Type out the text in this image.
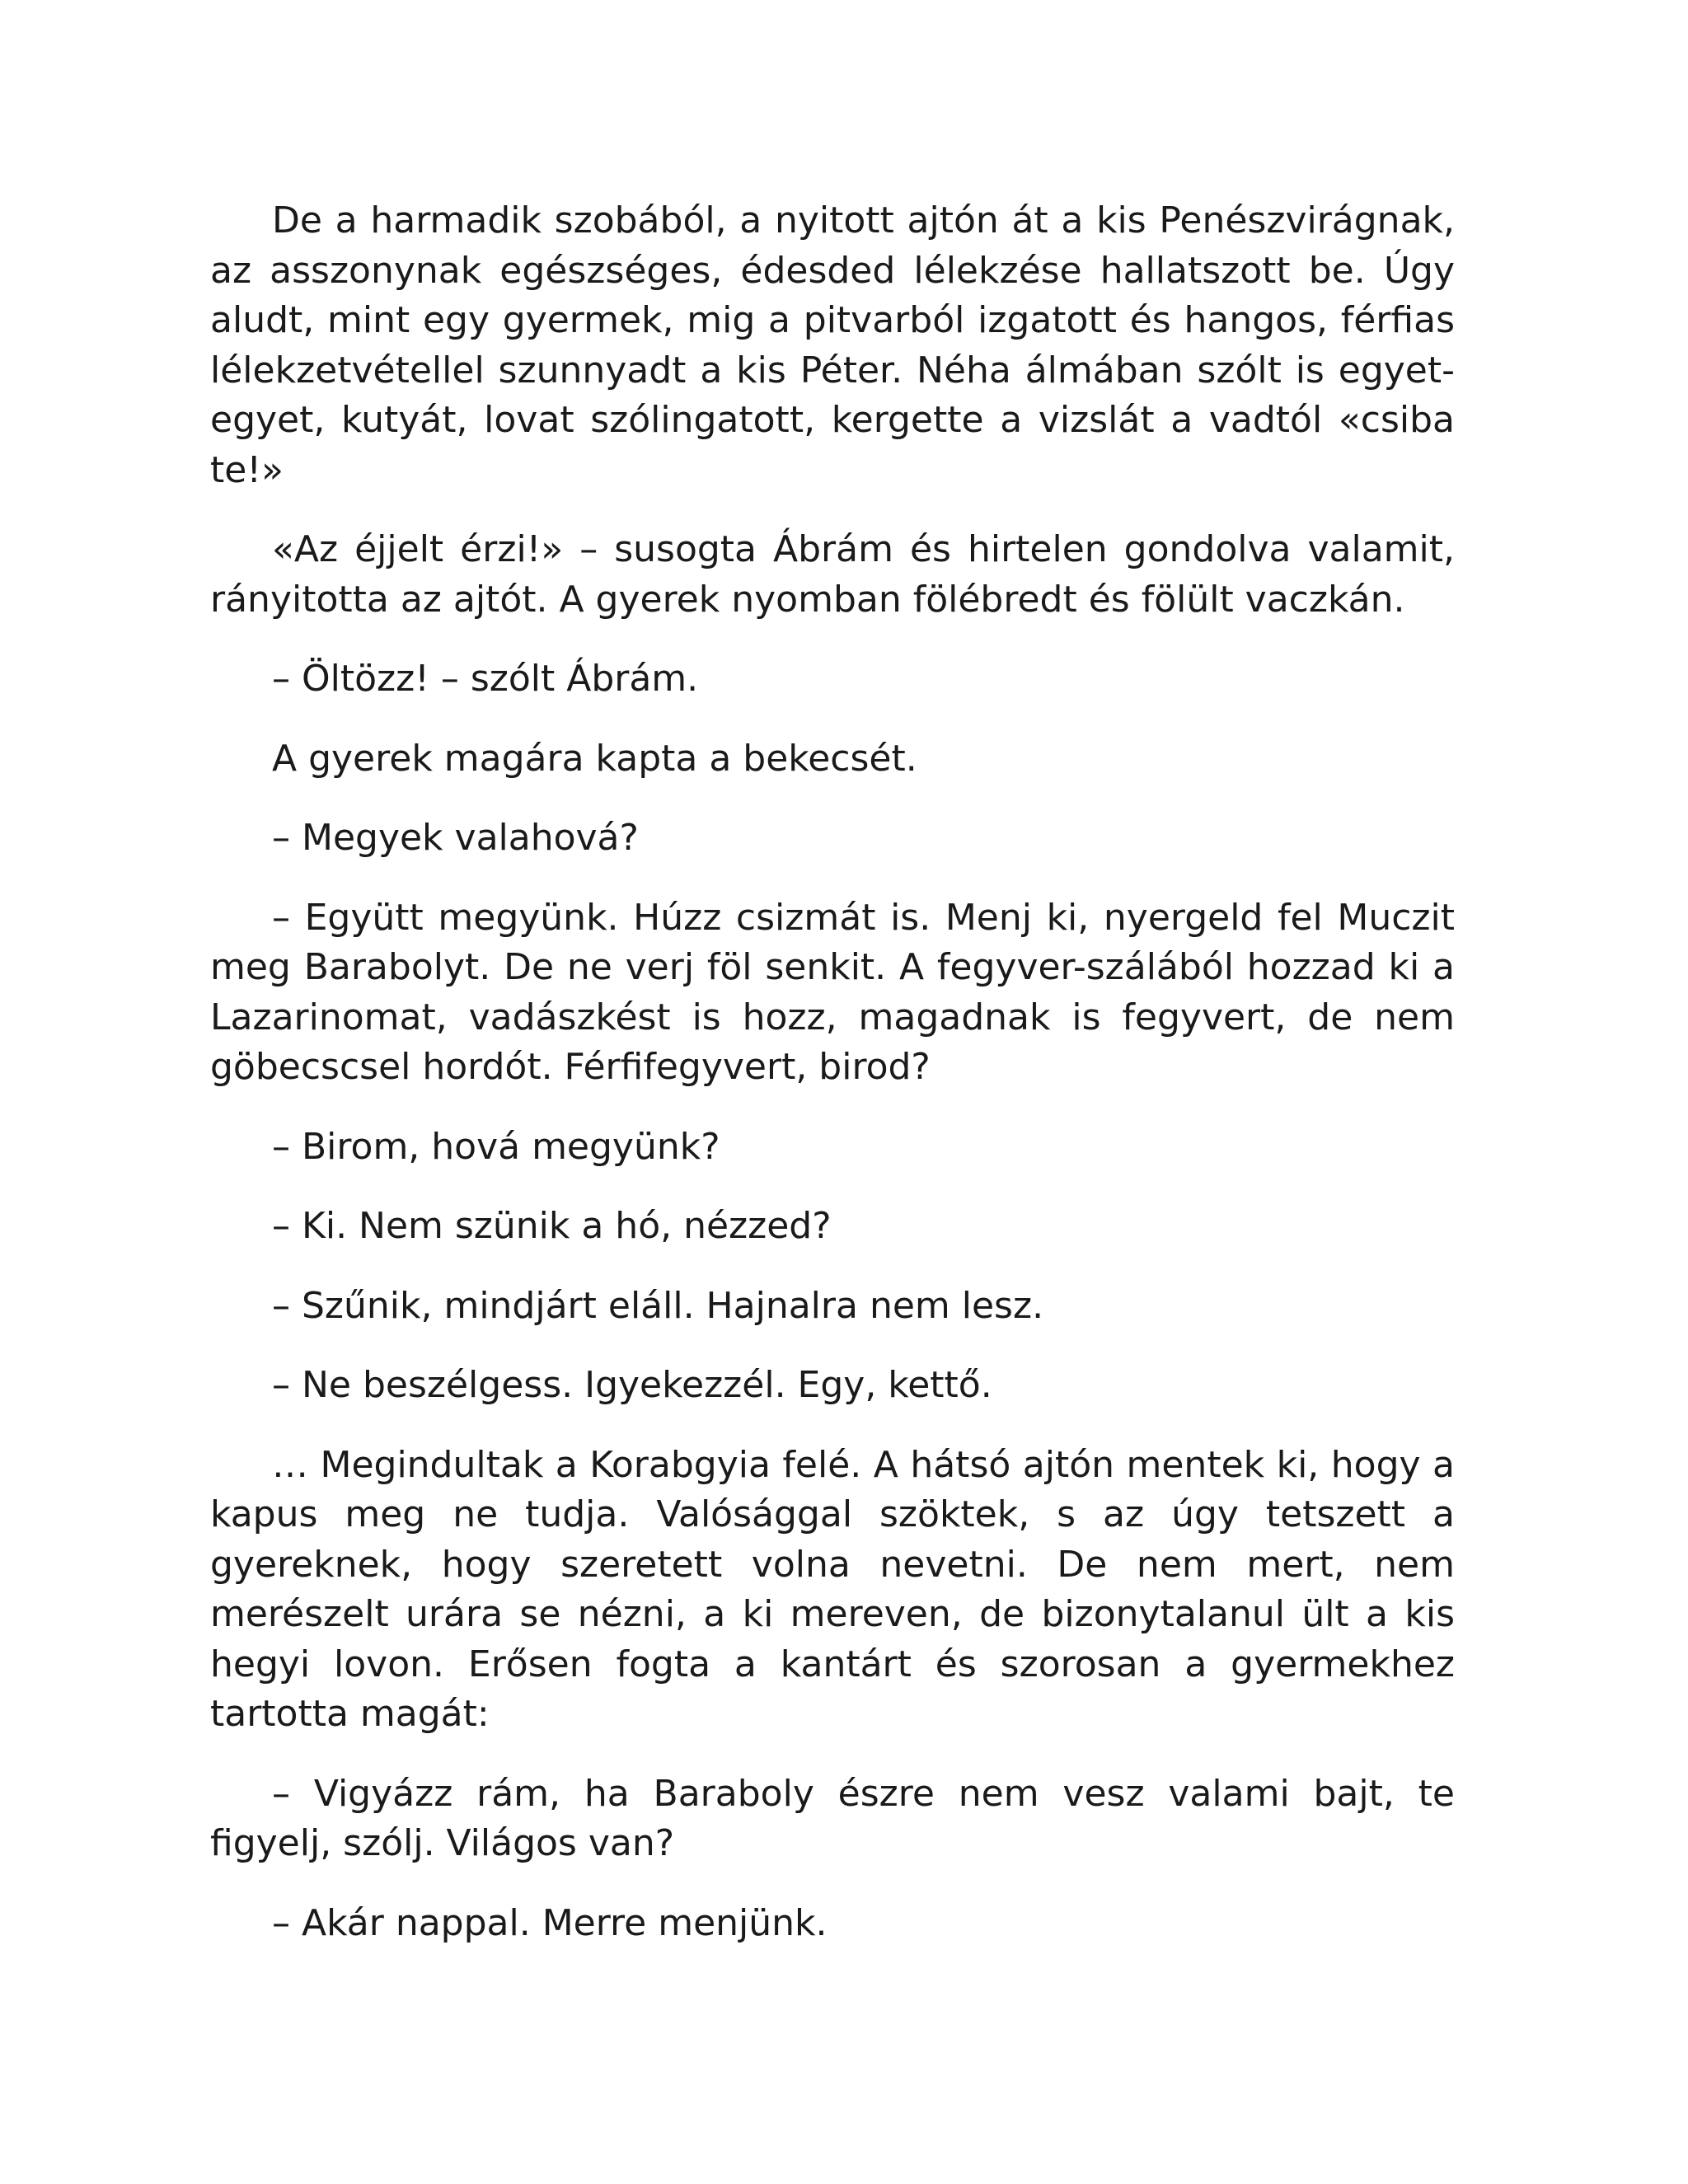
De a harmadik szobából, a nyitott ajtón át a kis Penészvirágnak, az asszonynak egészséges, édesded lélekzése hallatszott be. Úgy aludt, mint egy gyermek, mig a pitvarból izgatott és hangos, férfias lélekzetvétellel szunnyadt a kis Péter. Néha álmában szólt is egyet-egyet, kutyát, lovat szólingatott, kergette a vizslát a vadtól «csiba te!»

«Az éjjelt érzi!» – susogta Ábrám és hirtelen gondolva valamit, rányitotta az ajtót. A gyerek nyomban fölébredt és fölült vaczkán.

– Öltözz! – szólt Ábrám.

A gyerek magára kapta a bekecsét.

– Megyek valahová?

– Együtt megyünk. Húzz csizmát is. Menj ki, nyergeld fel Muczit meg Barabolyt. De ne verj föl senkit. A fegyver-szálából hozzad ki a Lazarinomat, vadászkést is hozz, magadnak is fegyvert, de nem göbecscsel hordót. Férfifegyvert, birod?

– Birom, hová megyünk?

– Ki. Nem szünik a hó, nézzed?

– Szűnik, mindjárt eláll. Hajnalra nem lesz.

– Ne beszélgess. Igyekezzél. Egy, kettő.

… Megindultak a Korabgyia felé. A hátsó ajtón mentek ki, hogy a kapus meg ne tudja. Valósággal szöktek, s az úgy tetszett a gyereknek, hogy szeretett volna nevetni. De nem mert, nem merészelt urára se nézni, a ki mereven, de bizonytalanul ült a kis hegyi lovon. Erősen fogta a kantárt és szorosan a gyermekhez tartotta magát:

– Vigyázz rám, ha Baraboly észre nem vesz valami bajt, te figyelj, szólj. Világos van?

– Akár nappal. Merre menjünk.
